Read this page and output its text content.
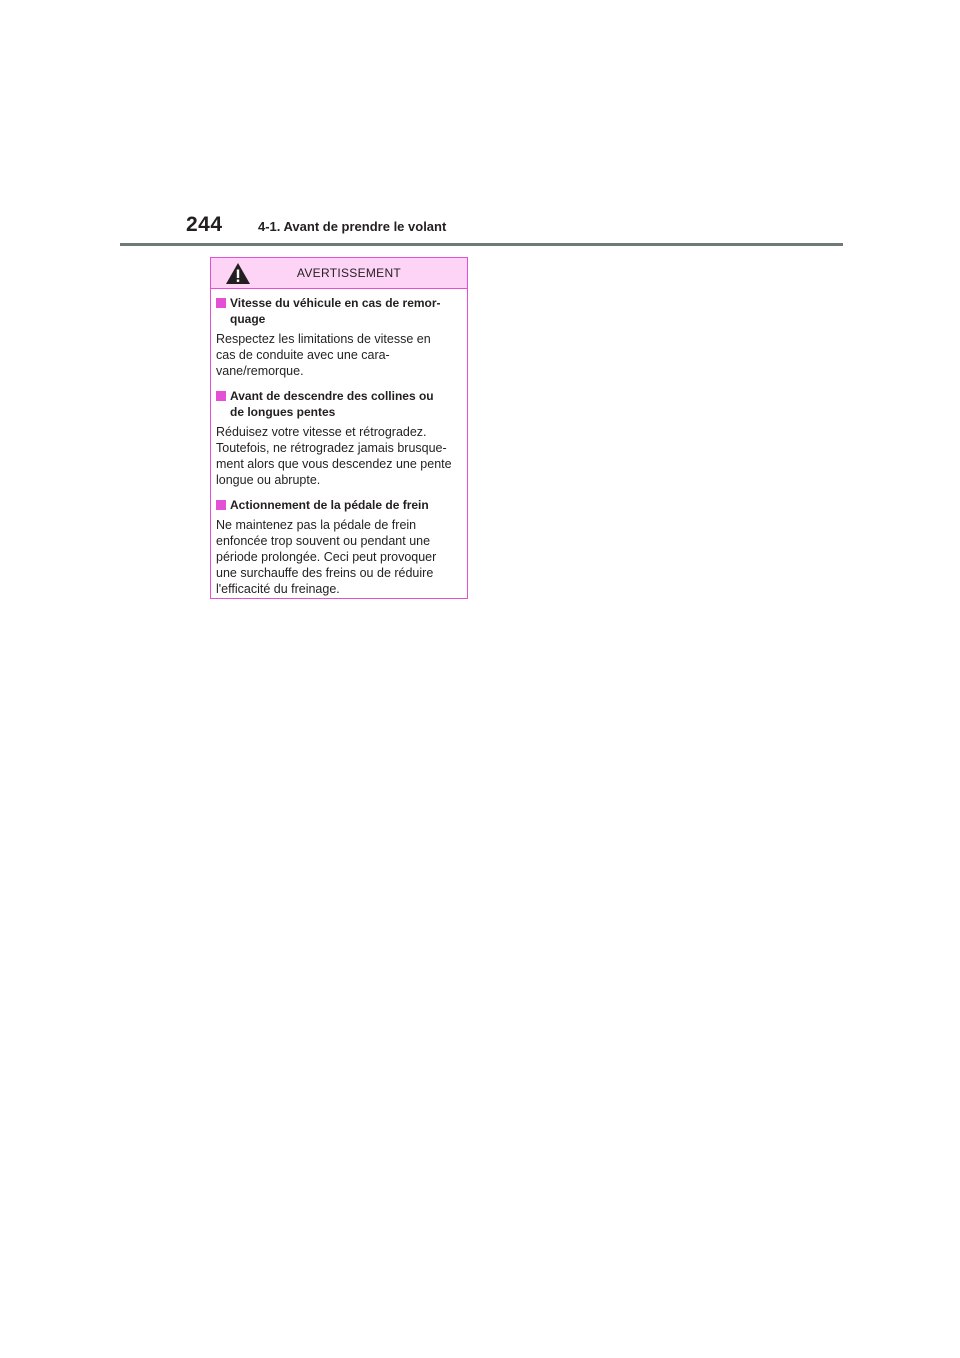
244	4-1. Avant de prendre le volant
AVERTISSEMENT
Vitesse du véhicule en cas de remor-
quage
Respectez les limitations de vitesse en
cas de conduite avec une cara-
vane/remorque.
Avant de descendre des collines ou
de longues pentes
Réduisez votre vitesse et rétrogradez.
Toutefois, ne rétrogradez jamais brusque-
ment alors que vous descendez une pente
longue ou abrupte.
Actionnement de la pédale de frein
Ne maintenez pas la pédale de frein
enfoncée trop souvent ou pendant une
période prolongée. Ceci peut provoquer
une surchauffe des freins ou de réduire
l'efficacité du freinage.
